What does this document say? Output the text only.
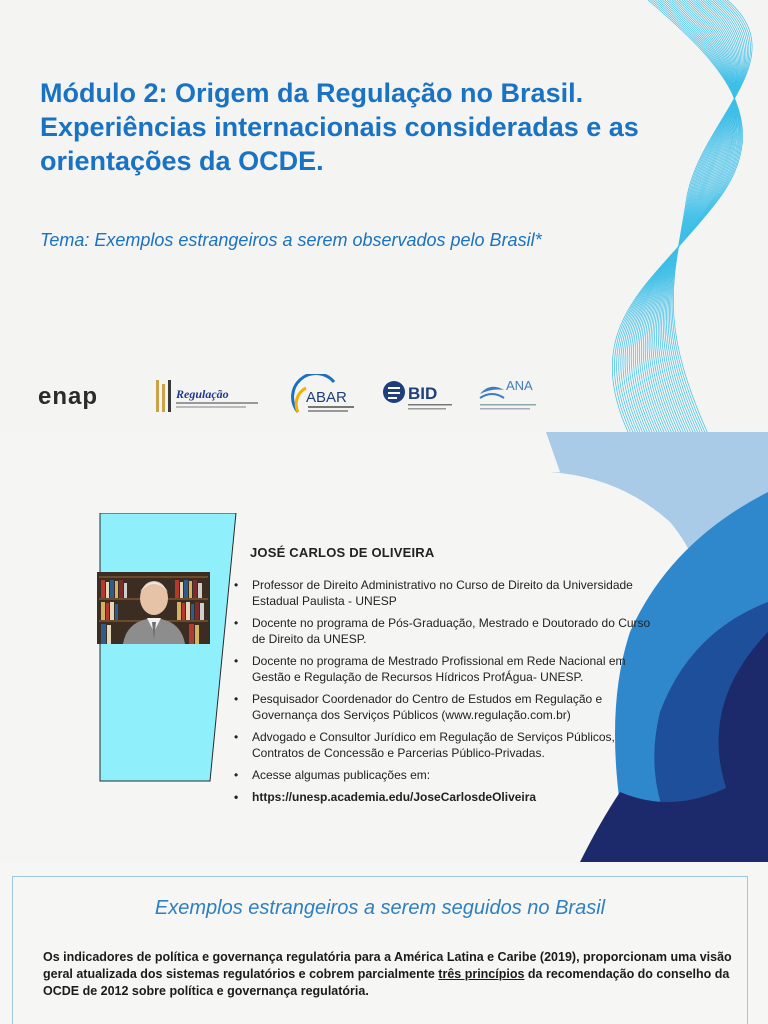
Módulo 2: Origem da Regulação no Brasil.
Experiências internacionais consideradas e as
orientações da OCDE.
Tema: Exemplos estrangeiros a serem observados pelo Brasil*
enap	Regulação	ABAR	BID	ANA
JOSÉ CARLOS DE OLIVEIRA
• Professor de Direito Administrativo no Curso de Direito da Universidade Estadual Paulista - UNESP
• Docente no programa de Pós-Graduação, Mestrado e Doutorado do Curso de Direito da UNESP.
• Docente no programa de Mestrado Profissional em Rede Nacional em Gestão e Regulação de Recursos Hídricos ProfÁgua- UNESP.
• Pesquisador Coordenador do Centro de Estudos em Regulação e Governança dos Serviços Públicos (www.regulação.com.br)
• Advogado e Consultor Jurídico em Regulação de Serviços Públicos, Contratos de Concessão e Parcerias Público-Privadas.
• Acesse algumas publicações em:
• https://unesp.academia.edu/JoseCarlosdeOliveira
Exemplos estrangeiros a serem seguidos no Brasil

Os indicadores de política e governança regulatória para a América Latina e Caribe (2019), proporcionam uma visão geral atualizada dos sistemas regulatórios e cobrem parcialmente três princípios da recomendação do conselho da OCDE de 2012 sobre política e governança regulatória.
